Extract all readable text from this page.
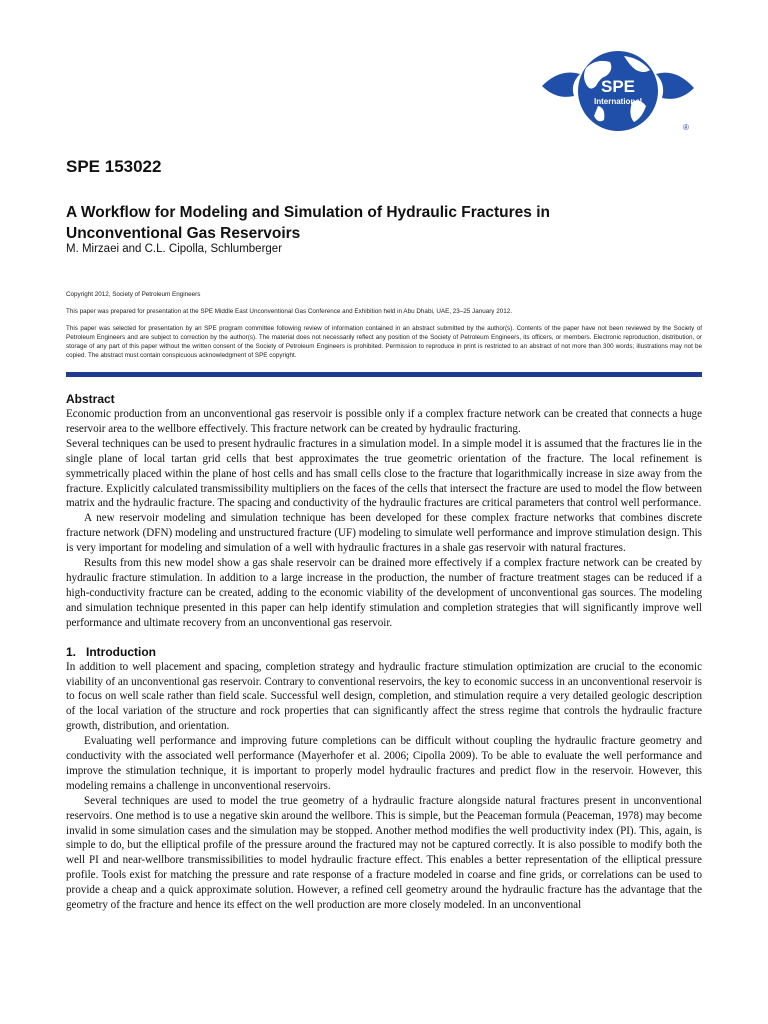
SPE
International
®
SPE 153022
A Workflow for Modeling and Simulation of Hydraulic Fractures in Unconventional Gas Reservoirs
M. Mirzaei and C.L. Cipolla, Schlumberger

Copyright 2012, Society of Petroleum Engineers

This paper was prepared for presentation at the SPE Middle East Unconventional Gas Conference and Exhibition held in Abu Dhabi, UAE, 23–25 January 2012.

This paper was selected for presentation by an SPE program committee following review of information contained in an abstract submitted by the author(s). Contents of the paper have not been reviewed by the Society of Petroleum Engineers and are subject to correction by the author(s). The material does not necessarily reflect any position of the Society of Petroleum Engineers, its officers, or members. Electronic reproduction, distribution, or storage of any part of this paper without the written consent of the Society of Petroleum Engineers is prohibited. Permission to reproduce in print is restricted to an abstract of not more than 300 words; illustrations may not be copied. The abstract must contain conspicuous acknowledgment of SPE copyright.

Abstract

Economic production from an unconventional gas reservoir is possible only if a complex fracture network can be created that connects a huge reservoir area to the wellbore effectively. This fracture network can be created by hydraulic fracturing.

Several techniques can be used to present hydraulic fractures in a simulation model. In a simple model it is assumed that the fractures lie in the single plane of local tartan grid cells that best approximates the true geometric orientation of the fracture. The local refinement is symmetrically placed within the plane of host cells and has small cells close to the fracture that logarithmically increase in size away from the fracture. Explicitly calculated transmissibility multipliers on the faces of the cells that intersect the fracture are used to model the flow between matrix and the hydraulic fracture. The spacing and conductivity of the hydraulic fractures are critical parameters that control well performance.

A new reservoir modeling and simulation technique has been developed for these complex fracture networks that combines discrete fracture network (DFN) modeling and unstructured fracture (UF) modeling to simulate well performance and improve stimulation design. This is very important for modeling and simulation of a well with hydraulic fractures in a shale gas reservoir with natural fractures.

Results from this new model show a gas shale reservoir can be drained more effectively if a complex fracture network can be created by hydraulic fracture stimulation. In addition to a large increase in the production, the number of fracture treatment stages can be reduced if a high-conductivity fracture can be created, adding to the economic viability of the development of unconventional gas sources. The modeling and simulation technique presented in this paper can help identify stimulation and completion strategies that will significantly improve well performance and ultimate recovery from an unconventional gas reservoir.

1.   Introduction

In addition to well placement and spacing, completion strategy and hydraulic fracture stimulation optimization are crucial to the economic viability of an unconventional gas reservoir. Contrary to conventional reservoirs, the key to economic success in an unconventional reservoir is to focus on well scale rather than field scale. Successful well design, completion, and stimulation require a very detailed geologic description of the local variation of the structure and rock properties that can significantly affect the stress regime that controls the hydraulic fracture growth, distribution, and orientation.

Evaluating well performance and improving future completions can be difficult without coupling the hydraulic fracture geometry and conductivity with the associated well performance (Mayerhofer et al. 2006; Cipolla 2009). To be able to evaluate the well performance and improve the stimulation technique, it is important to properly model hydraulic fractures and predict flow in the reservoir. However, this modeling remains a challenge in unconventional reservoirs.

Several techniques are used to model the true geometry of a hydraulic fracture alongside natural fractures present in unconventional reservoirs. One method is to use a negative skin around the wellbore. This is simple, but the Peaceman formula (Peaceman, 1978) may become invalid in some simulation cases and the simulation may be stopped. Another method modifies the well productivity index (PI). This, again, is simple to do, but the elliptical profile of the pressure around the fractured may not be captured correctly. It is also possible to modify both the well PI and near-wellbore transmissibilities to model hydraulic fracture effect. This enables a better representation of the elliptical pressure profile. Tools exist for matching the pressure and rate response of a fracture modeled in coarse and fine grids, or correlations can be used to provide a cheap and a quick approximate solution. However, a refined cell geometry around the hydraulic fracture has the advantage that the geometry of the fracture and hence its effect on the well production are more closely modeled. In an unconventional
